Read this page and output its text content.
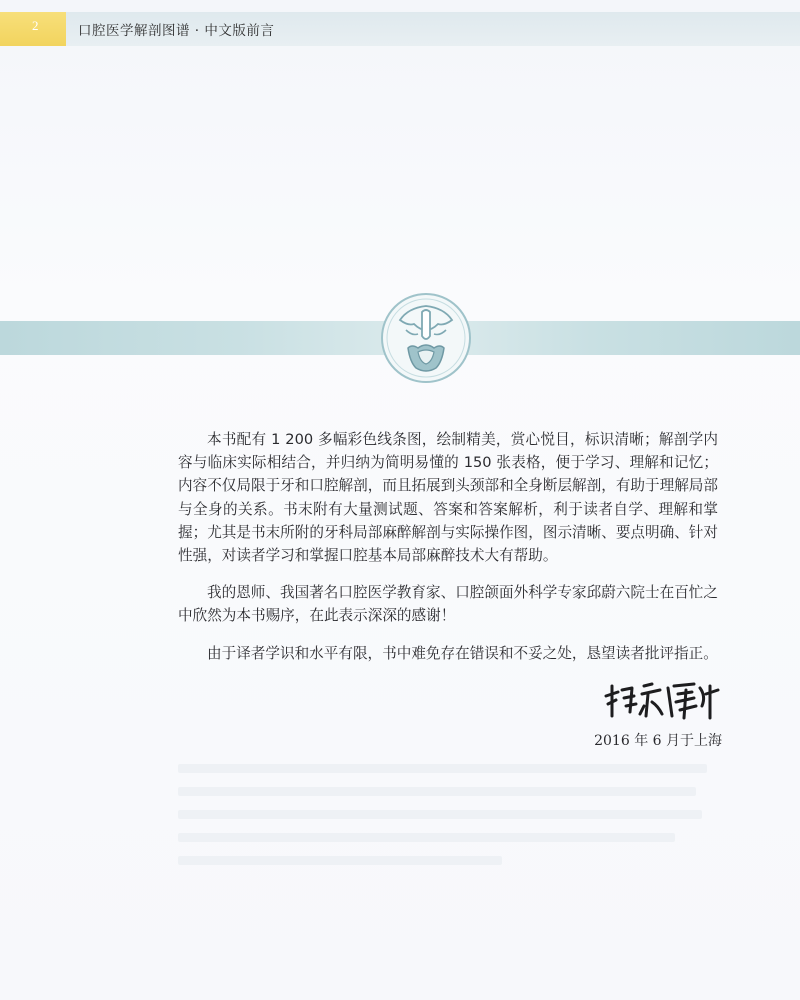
2	口腔医学解剖图谱 · 中文版前言

本书配有 1 200 多幅彩色线条图，绘制精美，赏心悦目，标识清晰；解剖学内容与临床实际相结合，并归纳为简明易懂的 150 张表格，便于学习、理解和记忆；内容不仅局限于牙和口腔解剖，而且拓展到头颈部和全身断层解剖，有助于理解局部与全身的关系。书末附有大量测试题、答案和答案解析，利于读者自学、理解和掌握；尤其是书末所附的牙科局部麻醉解剖与实际操作图，图示清晰、要点明确、针对性强，对读者学习和掌握口腔基本局部麻醉技术大有帮助。

我的恩师、我国著名口腔医学教育家、口腔颌面外科学专家邱蔚六院士在百忙之中欣然为本书赐序，在此表示深深的感谢！

由于译者学识和水平有限，书中难免存在错误和不妥之处，恳望读者批评指正。

2016 年 6 月于上海
